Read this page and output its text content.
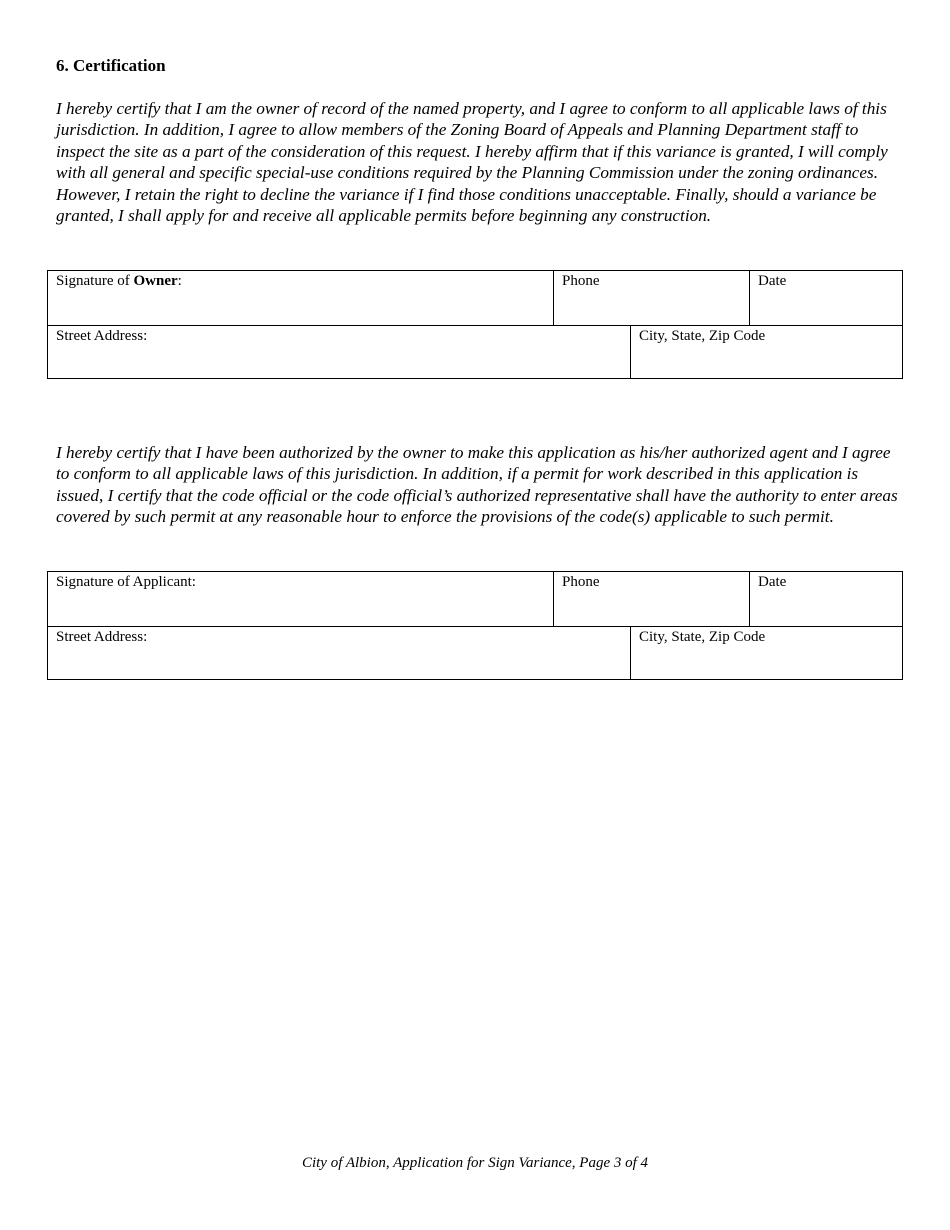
6. Certification

I hereby certify that I am the owner of record of the named property, and I agree to conform to all applicable laws of this jurisdiction. In addition, I agree to allow members of the Zoning Board of Appeals and Planning Department staff to inspect the site as a part of the consideration of this request. I hereby affirm that if this variance is granted, I will comply with all general and specific special-use conditions required by the Planning Commission under the zoning ordinances. However, I retain the right to decline the variance if I find those conditions unacceptable. Finally, should a variance be granted, I shall apply for and receive all applicable permits before beginning any construction.

Signature of Owner:	Phone	Date
Street Address:	City, State, Zip Code

I hereby certify that I have been authorized by the owner to make this application as his/her authorized agent and I agree to conform to all applicable laws of this jurisdiction. In addition, if a permit for work described in this application is issued, I certify that the code official or the code official’s authorized representative shall have the authority to enter areas covered by such permit at any reasonable hour to enforce the provisions of the code(s) applicable to such permit.

Signature of Applicant:	Phone	Date
Street Address:	City, State, Zip Code

City of Albion, Application for Sign Variance, Page 3 of 4
